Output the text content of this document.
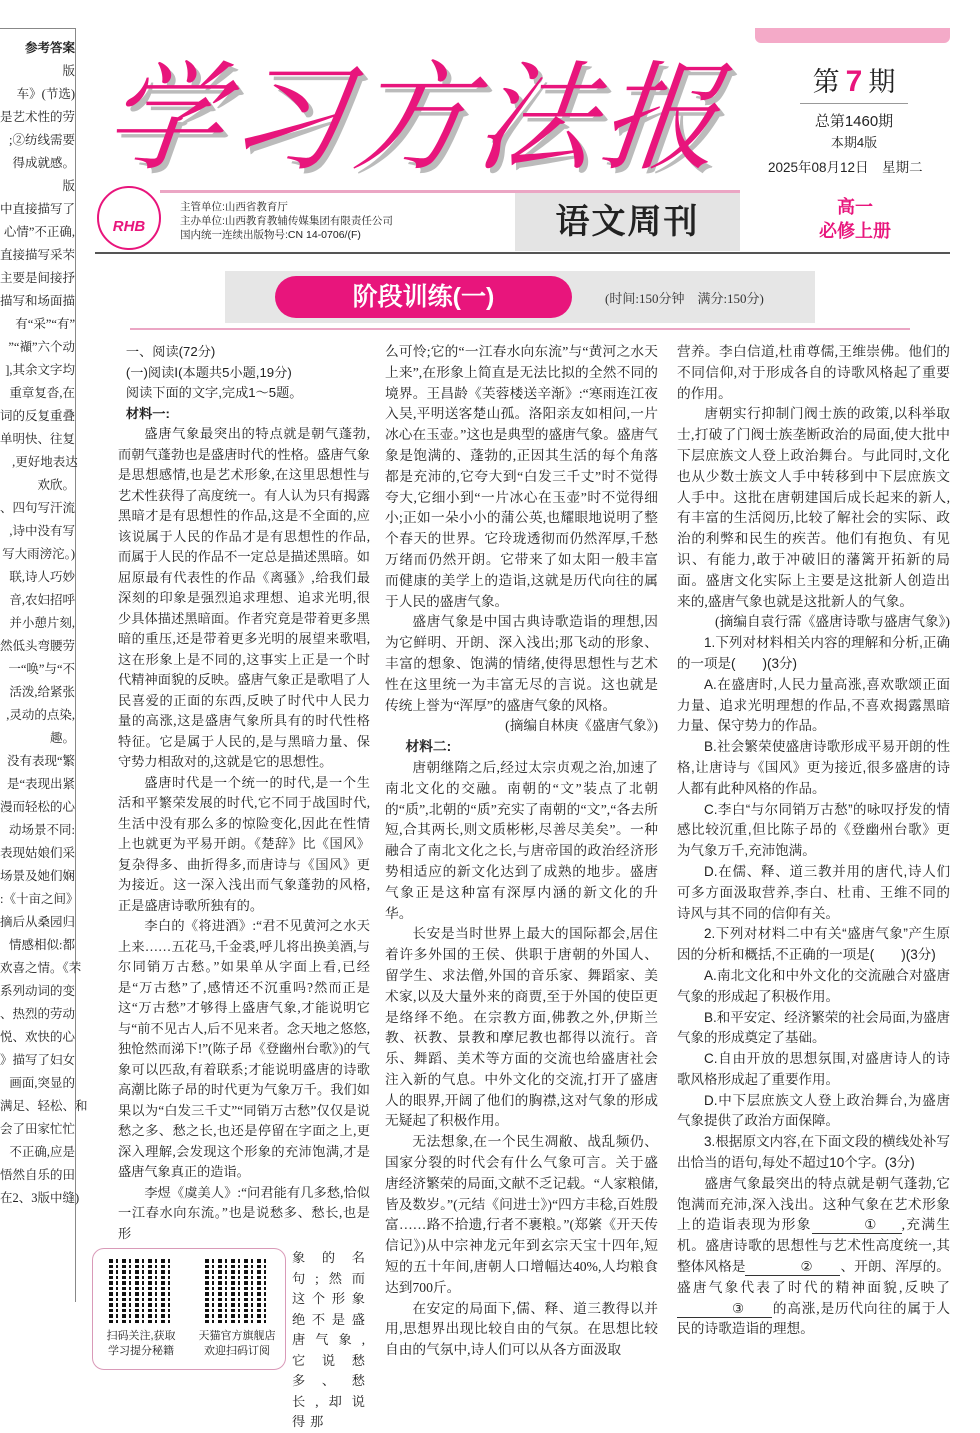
参考答案
版
车》(节选)
是艺术性的劳
;②纺线需要
得成就感。
版
中直接描写了
心情”不正确,
直接描写采芣
主要是间接抒
描写和场面描
有“采”“有”
”“襭”六个动
],其余文字均
重章复沓,在
词的反复重叠
单明快、往复
ﾠ,更好地表达
欢欣。
、四句写汗流
,诗中没有写
写大雨滂沱。)
联,诗人巧妙
音,农妇招呼
并小憩片刻,
然低头弯腰劳
一“唤”与“不
活泼,给紧张
,灵动的点染,
趣。
没有表现“繁
是“表现出紧
漫而轻松的心
动场景不同:
表现姑娘们采
场景及她们娴
:《十亩之间》
摘后从桑园归
情感相似:都
欢喜之情。《芣
系列动词的变
、热烈的劳动
悦、欢快的心
》描写了妇女
画面,突显的
满足、轻松、和
会了田家忙忙
不正确,应是
悟然自乐的田
在2、3版中缝)
学习方法报	第 7 期
总第1460期
本期4版
2025年08月12日　星期二
RHB
主管单位:山西省教育厅
主办单位:山西教育教辅传媒集团有限责任公司
国内统一连续出版物号:CN 14-0706/(F)	语文周刊	高一
必修上册
阶段训练(一)	(时间:150分钟　满分:150分)
一、阅读(72分)
(一)阅读Ⅰ(本题共5小题,19分)
阅读下面的文字,完成1～5题。
材料一:

盛唐气象最突出的特点就是朝气蓬勃,而朝气蓬勃也是盛唐时代的性格。盛唐气象是思想感情,也是艺术形象,在这里思想性与艺术性获得了高度统一。有人认为只有揭露黑暗才是有思想性的作品,这是不全面的,应该说属于人民的作品才是有思想性的作品,而属于人民的作品不一定总是描述黑暗。如屈原最有代表性的作品《离骚》,给我们最深刻的印象是强烈追求理想、追求光明,很少具体描述黑暗面。作者究竟是带着更多黑暗的重压,还是带着更多光明的展望来歌唱,这在形象上是不同的,这事实上正是一个时代精神面貌的反映。盛唐气象正是歌唱了人民喜爱的正面的东西,反映了时代中人民力量的高涨,这是盛唐气象所具有的时代性格特征。它是属于人民的,是与黑暗力量、保守势力相敌对的,这就是它的思想性。

盛唐时代是一个统一的时代,是一个生活和平繁荣发展的时代,它不同于战国时代,生活中没有那么多的惊险变化,因此在性情上也就更为平易开朗。《楚辞》比《国风》复杂得多、曲折得多,而唐诗与《国风》更为接近。这一深入浅出而气象蓬勃的风格,正是盛唐诗歌所独有的。

李白的《将进酒》:“君不见黄河之水天上来……五花马,千金裘,呼儿将出换美酒,与尔同销万古愁。”如果单从字面上看,已经是“万古愁”了,感情还不沉重吗?然而正是这“万古愁”才够得上盛唐气象,才能说明它与“前不见古人,后不见来者。念天地之悠悠,独怆然而涕下!”(陈子昂《登幽州台歌》)的气象可以匹敌,有着联系;才能说明盛唐的诗歌高潮比陈子昂的时代更为气象万千。我们如果以为“白发三千丈”“同销万古愁”仅仅是说愁之多、愁之长,也还是停留在字面之上,更深入理解,会发现这个形象的充沛饱满,才是盛唐气象真正的造诣。

李煜《虞美人》:“问君能有几多愁,恰似一江春水向东流。”也是说愁多、愁长,也是形

扫码关注,获取
学习提分秘籍
天猫官方旗舰店
欢迎扫码订阅
象的名句;然而这个形象绝不是盛唐气象,它说愁多、愁长,却说得那

么可怜;它的“一江春水向东流”与“黄河之水天上来”,在形象上简直是无法比拟的全然不同的境界。王昌龄《芙蓉楼送辛渐》:“寒雨连江夜入吴,平明送客楚山孤。洛阳亲友如相问,一片冰心在玉壶。”这也是典型的盛唐气象。盛唐气象是饱满的、蓬勃的,正因其生活的每个角落都是充沛的,它夸大到“白发三千丈”时不觉得夸大,它细小到“一片冰心在玉壶”时不觉得细小;正如一朵小小的蒲公英,也耀眼地说明了整个春天的世界。它玲珑透彻而仍然浑厚,千愁万绪而仍然开朗。它带来了如太阳一般丰富而健康的美学上的造诣,这就是历代向往的属于人民的盛唐气象。

盛唐气象是中国古典诗歌造诣的理想,因为它鲜明、开朗、深入浅出;那飞动的形象、丰富的想象、饱满的情绪,使得思想性与艺术性在这里统一为丰富无尽的言说。这也就是传统上誉为“浑厚”的盛唐气象的风格。

(摘编自林庚《盛唐气象》)
材料二:

唐朝继隋之后,经过太宗贞观之治,加速了南北文化的交融。南朝的“文”装点了北朝的“质”,北朝的“质”充实了南朝的“文”,“各去所短,合其两长,则文质彬彬,尽善尽美矣”。一种融合了南北文化之长,与唐帝国的政治经济形势相适应的新文化达到了成熟的地步。盛唐气象正是这种富有深厚内涵的新文化的升华。

长安是当时世界上最大的国际都会,居住着许多外国的王侯、供职于唐朝的外国人、留学生、求法僧,外国的音乐家、舞蹈家、美术家,以及大量外来的商贾,至于外国的使臣更是络绎不绝。在宗教方面,佛教之外,伊斯兰教、祆教、景教和摩尼教也都得以流行。音乐、舞蹈、美术等方面的交流也给盛唐社会注入新的气息。中外文化的交流,打开了盛唐人的眼界,开阔了他们的胸襟,这对气象的形成无疑起了积极作用。

无法想象,在一个民生凋敝、战乱频仍、国家分裂的时代会有什么气象可言。关于盛唐经济繁荣的局面,文献不乏记载。“人家粮储,皆及数岁。”(元结《问进士》)“四方丰稔,百姓殷富……路不拾遗,行者不裹粮。”(郑綮《开天传信记》)从中宗神龙元年到玄宗天宝十四年,短短的五十年间,唐朝人口增幅达40%,人均粮食达到700斤。

在安定的局面下,儒、释、道三教得以并用,思想界出现比较自由的气氛。在思想比较自由的气氛中,诗人们可以从各方面汲取

营养。李白信道,杜甫尊儒,王维崇佛。他们的不同信仰,对于形成各自的诗歌风格起了重要的作用。

唐朝实行抑制门阀士族的政策,以科举取士,打破了门阀士族垄断政治的局面,使大批中下层庶族文人登上政治舞台。与此同时,文化也从少数士族文人手中转移到中下层庶族文人手中。这批在唐朝建国后成长起来的新人,有丰富的生活阅历,比较了解社会的实际、政治的利弊和民生的疾苦。他们有抱负、有见识、有能力,敢于冲破旧的藩篱开拓新的局面。盛唐文化实际上主要是这批新人创造出来的,盛唐气象也就是这批新人的气象。

(摘编自袁行霈《盛唐诗歌与盛唐气象》)

1.下列对材料相关内容的理解和分析,正确的一项是(　　)(3分)

A.在盛唐时,人民力量高涨,喜欢歌颂正面力量、追求光明理想的作品,不喜欢揭露黑暗力量、保守势力的作品。

B.社会繁荣使盛唐诗歌形成平易开朗的性格,让唐诗与《国风》更为接近,很多盛唐的诗人都有此种风格的作品。

C.李白“与尔同销万古愁”的咏叹抒发的情感比较沉重,但比陈子昂的《登幽州台歌》更为气象万千,充沛饱满。

D.在儒、释、道三教并用的唐代,诗人们可多方面汲取营养,李白、杜甫、王维不同的诗风与其不同的信仰有关。

2.下列对材料二中有关“盛唐气象”产生原因的分析和概括,不正确的一项是(　　)(3分)

A.南北文化和中外文化的交流融合对盛唐气象的形成起了积极作用。

B.和平安定、经济繁荣的社会局面,为盛唐气象的形成奠定了基础。

C.自由开放的思想氛围,对盛唐诗人的诗歌风格形成起了重要作用。

D.中下层庶族文人登上政治舞台,为盛唐气象提供了政治方面保障。

3.根据原文内容,在下面文段的横线处补写出恰当的语句,每处不超过10个字。(3分)

盛唐气象最突出的特点就是朝气蓬勃,它饱满而充沛,深入浅出。这种气象在艺术形象上的造诣表现为形象	① ,充满生机。盛唐诗歌的思想性与艺术性高度统一,其整体风格是	② 、开朗、浑厚的。盛唐气象代表了时代的精神面貌,反映了③ 的高涨,是历代向往的属于人民的诗歌造诣的理想。
